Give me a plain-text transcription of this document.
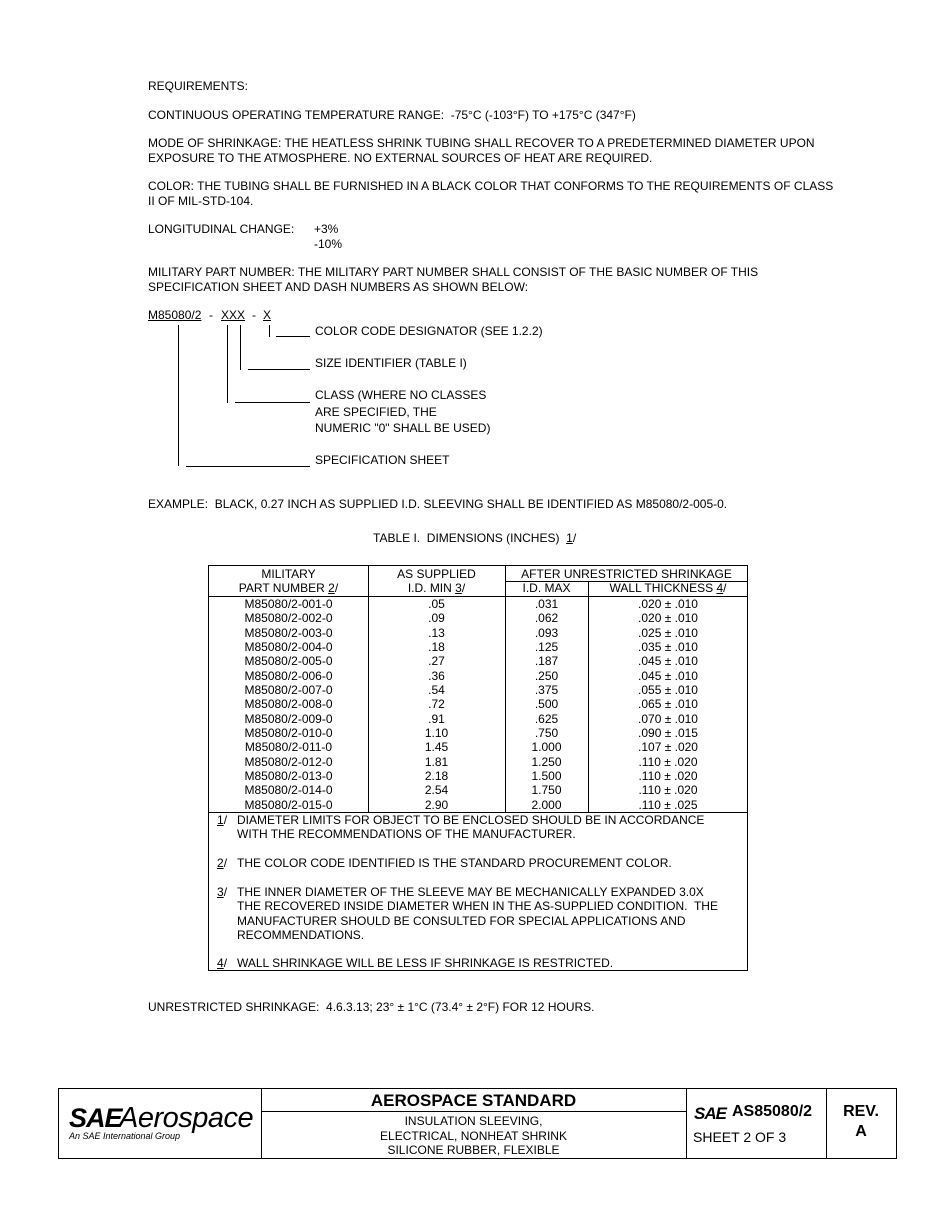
REQUIREMENTS:
CONTINUOUS OPERATING TEMPERATURE RANGE:  -75°C (-103°F) TO +175°C (347°F)
MODE OF SHRINKAGE: THE HEATLESS SHRINK TUBING SHALL RECOVER TO A PREDETERMINED DIAMETER UPON EXPOSURE TO THE ATMOSPHERE. NO EXTERNAL SOURCES OF HEAT ARE REQUIRED.
COLOR: THE TUBING SHALL BE FURNISHED IN A BLACK COLOR THAT CONFORMS TO THE REQUIREMENTS OF CLASS II OF MIL-STD-104.
LONGITUDINAL CHANGE: +3%
-10%
MILITARY PART NUMBER: THE MILITARY PART NUMBER SHALL CONSIST OF THE BASIC NUMBER OF THIS SPECIFICATION SHEET AND DASH NUMBERS AS SHOWN BELOW:
M85080/2 - XXX - X
COLOR CODE DESIGNATOR (SEE 1.2.2)
SIZE IDENTIFIER (TABLE I)
CLASS (WHERE NO CLASSES
ARE SPECIFIED, THE
NUMERIC "0" SHALL BE USED)
SPECIFICATION SHEET
EXAMPLE:  BLACK, 0.27 INCH AS SUPPLIED I.D. SLEEVING SHALL BE IDENTIFIED AS M85080/2-005-0.
TABLE I.  DIMENSIONS (INCHES) 1/
MILITARY
PART NUMBER 2/
AS SUPPLIED
I.D. MIN 3/
AFTER UNRESTRICTED SHRINKAGE
I.D. MAX	WALL THICKNESS 4/
M85080/2-001-0
M85080/2-002-0
M85080/2-003-0
M85080/2-004-0
M85080/2-005-0
M85080/2-006-0
M85080/2-007-0
M85080/2-008-0
M85080/2-009-0
M85080/2-010-0
M85080/2-011-0
M85080/2-012-0
M85080/2-013-0
M85080/2-014-0
M85080/2-015-0
.05
.09
.13
.18
.27
.36
.54
.72
.91
1.10
1.45
1.81
2.18
2.54
2.90
.031
.062
.093
.125
.187
.250
.375
.500
.625
.750
1.000
1.250
1.500
1.750
2.000
.020 ± .010
.020 ± .010
.025 ± .010
.035 ± .010
.045 ± .010
.045 ± .010
.055 ± .010
.065 ± .010
.070 ± .010
.090 ± .015
.107 ± .020
.110 ± .020
.110 ± .020
.110 ± .020
.110 ± .025
1/ DIAMETER LIMITS FOR OBJECT TO BE ENCLOSED SHOULD BE IN ACCORDANCE
WITH THE RECOMMENDATIONS OF THE MANUFACTURER.
2/ THE COLOR CODE IDENTIFIED IS THE STANDARD PROCUREMENT COLOR.
3/ THE INNER DIAMETER OF THE SLEEVE MAY BE MECHANICALLY EXPANDED 3.0X
THE RECOVERED INSIDE DIAMETER WHEN IN THE AS-SUPPLIED CONDITION.  THE
MANUFACTURER SHOULD BE CONSULTED FOR SPECIAL APPLICATIONS AND
RECOMMENDATIONS.
4/ WALL SHRINKAGE WILL BE LESS IF SHRINKAGE IS RESTRICTED.
UNRESTRICTED SHRINKAGE:  4.6.3.13; 23° ± 1°C (73.4° ± 2°F) FOR 12 HOURS.
SAE
Aerospace
An SAE International Group
AEROSPACE STANDARD
INSULATION SLEEVING,
ELECTRICAL, NONHEAT SHRINK
SILICONE RUBBER, FLEXIBLE
SAE AS85080/2
SHEET 2 OF 3
REV.
A
